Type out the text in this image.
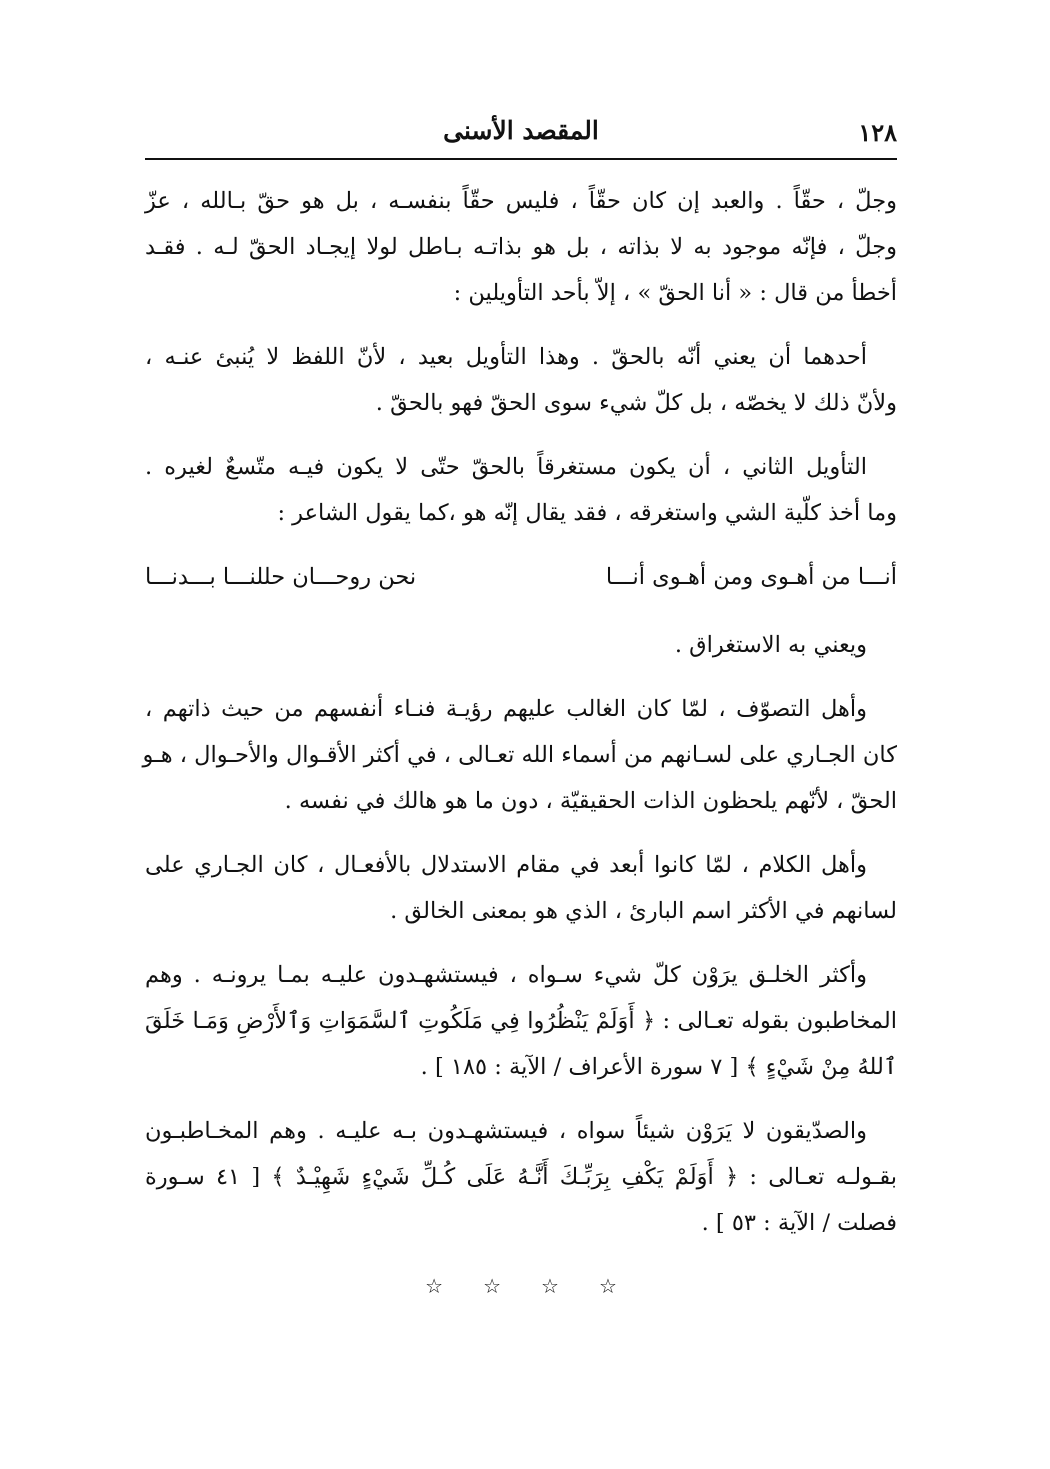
١٢٨
المقصد الأسنى
وجلّ ، حقّاً . والعبد إن كان حقّاً ، فليس حقّاً بنفسـه ، بل هو حقّ بـالله ، عزّ
وجلّ ، فإنّه موجود به لا بذاته ، بل هو بذاتـه بـاطل لولا إيجـاد الحقّ لـه . فقـد
أخطأ من قال : « أنا الحقّ » ، إلاّ بأحد التأويلين :
أحدهما أن يعني أنّه بالحقّ . وهذا التأويل بعيد ، لأنّ اللفظ لا يُنبئ عنـه ،
ولأنّ ذلك لا يخصّه ، بل كلّ شيء سوى الحقّ فهو بالحقّ .
التأويل الثاني ، أن يكون مستغرقاً بالحقّ حتّى لا يكون فيـه متّسعٌ لغيره .
وما أخذ كلّية الشي واستغرقه ، فقد يقال إنّه هو ،كما يقول الشاعر :
أنـــا من أهـوى ومن أهـوى أنـــا
نحن روحـــان حللنـــا بـــدنـــا
ويعني به الاستغراق .
وأهل التصوّف ، لمّا كان الغالب عليهم رؤيـة فنـاء أنفسهم من حيث ذاتهم ،
كان الجـاري على لسـانهم من أسماء الله تعـالى ، في أكثر الأقـوال والأحـوال ، هـو
الحقّ ، لأنّهم يلحظون الذات الحقيقيّة ، دون ما هو هالك في نفسه .
وأهل الكلام ، لمّا كانوا أبعد في مقام الاستدلال بالأفعـال ، كان الجـاري على
لسانهم في الأكثر اسم البارئ ، الذي هو بمعنى الخالق .
وأكثر الخلـق يرَوْن كلّ شيء سـواه ، فيستشهـدون عليـه بمـا يرونـه . وهم
المخاطبون بقوله تعـالى : ﴿ أَوَلَمْ يَنْظُرُوا فِي مَلَكُوتِ ٱلسَّمَوَاتِ وَٱلأَرْضِ وَمَـا خَلَقَ
ٱللهُ مِنْ شَيْءٍ ﴾ [ ٧ سورة الأعراف / الآية : ١٨٥ ] .
والصدّيقون لا يَرَوْن شيئاً سواه ، فيستشهـدون بـه عليـه . وهم المخـاطبـون
بقـولـه تعـالى : ﴿ أَوَلَمْ يَكْفِ بِرَبِّـكَ أَنَّـهُ عَلَى كُـلِّ شَيْءٍ شَهِيْـدٌ ﴾ [ ٤١ سـورة
فصلت / الآية : ٥٣ ] .
☆ ☆ ☆ ☆
